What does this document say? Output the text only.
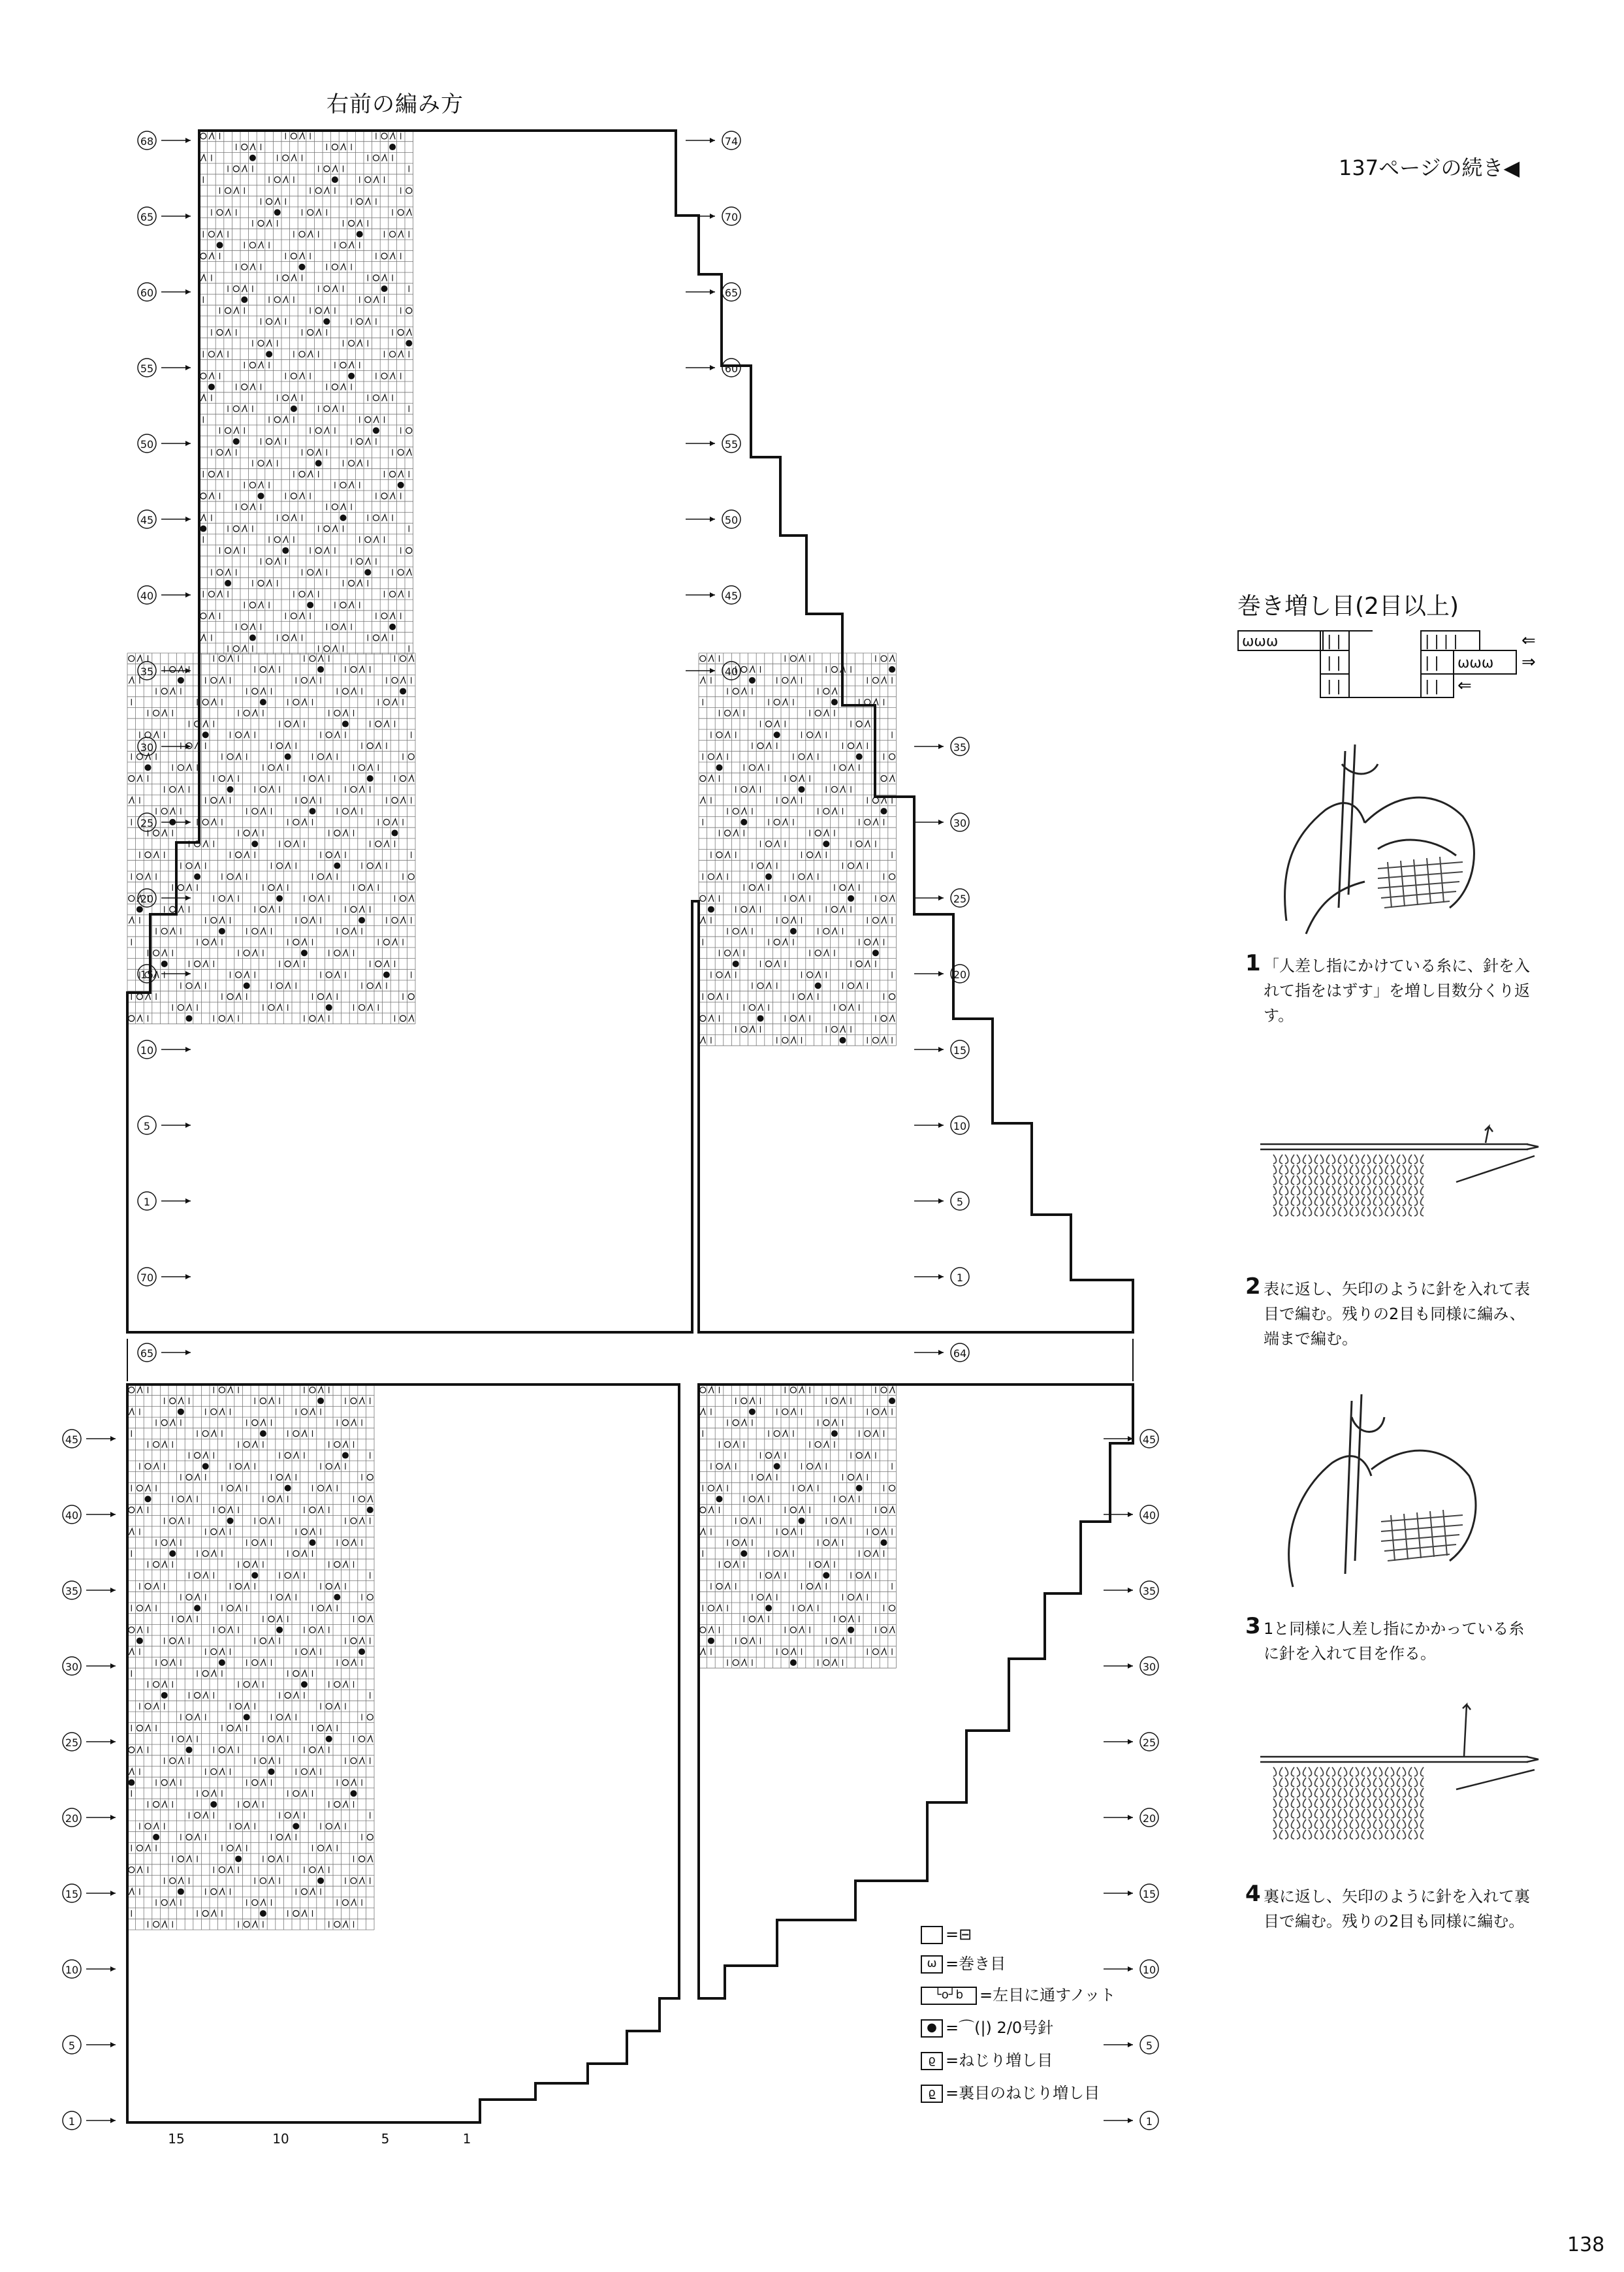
右前の編み方
137ページの続き◀
68
65
60
55
50
45
40
35
30
25
20
15
10
5
1
70
65
74
70
65
60
55
50
45
40
35
30
25
20
15
10
5
1
64
45
40
35
30
25
20
15
10
5
1
45
40
35
30
25
20
15
10
5
1
15	10	5	1
巻き増し目(2目以上)
ωωω	| |
| |
| |
| | | |
| | ωωω
| |
⇐
⇒
⇐
1 「人差し指にかけている糸に、針を入れて指をはずす」を増し目数分くり返す。
2 表に返し、矢印のように針を入れて表目で編む。残りの2目も同様に編み、端まで編む。
3 1と同様に人差し指にかかっている糸に針を入れて目を作る。
4 裏に返し、矢印のように針を入れて裏目で編む。残りの2目も同様に編む。
=⊟
ω =巻き目
└o┘b =左目に通すノット
● =⌒(|) 2/0号針
ϱ =ねじり増し目
ϱ̲ =裏目のねじり増し目
138
